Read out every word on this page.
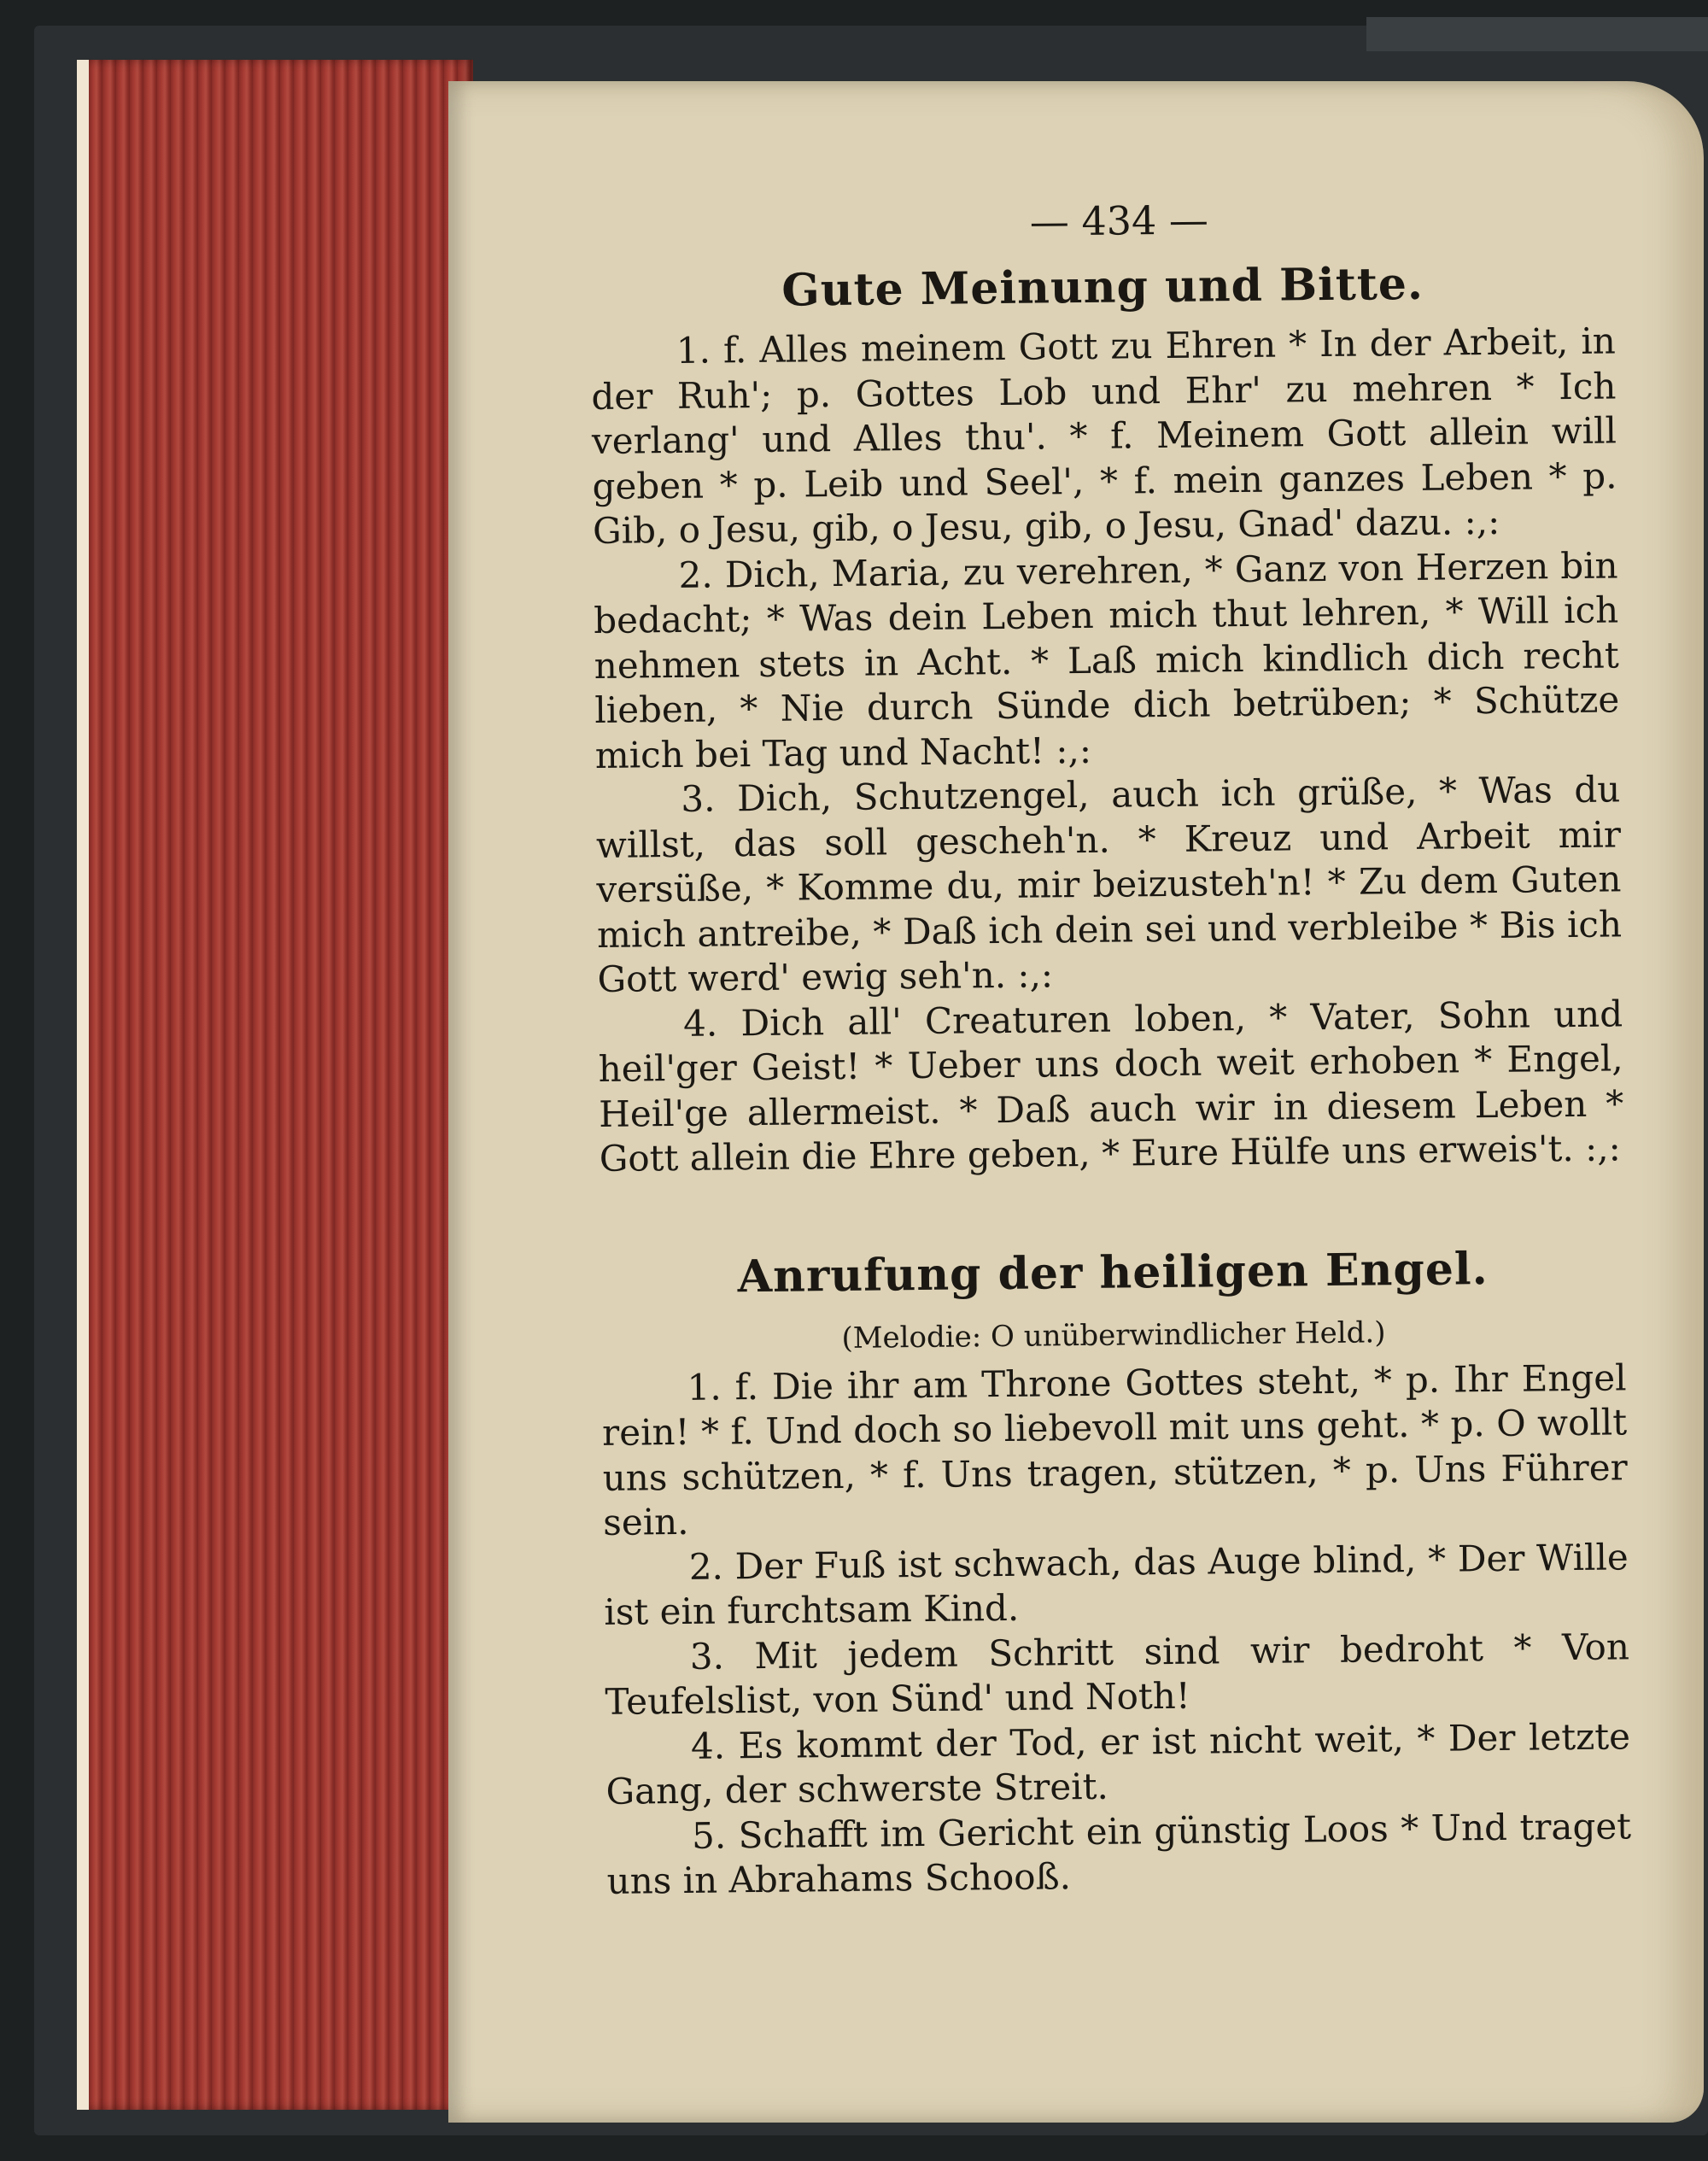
— 434 —
Gute Meinung und Bitte.

1. f. Alles meinem Gott zu Ehren * In der Arbeit, in der Ruh'; p. Gottes Lob und Ehr' zu mehren * Ich verlang' und Alles thu'. * f. Meinem Gott allein will geben * p. Leib und Seel', * f. mein ganzes Leben * p. Gib, o Jesu, gib, o Jesu, gib, o Jesu, Gnad' dazu. :,:

2. Dich, Maria, zu verehren, * Ganz von Herzen bin bedacht; * Was dein Leben mich thut lehren, * Will ich nehmen stets in Acht. * Laß mich kindlich dich recht lieben, * Nie durch Sünde dich betrüben; * Schütze mich bei Tag und Nacht! :,:

3. Dich, Schutzengel, auch ich grüße, * Was du willst, das soll gescheh'n. * Kreuz und Arbeit mir versüße, * Komme du, mir beizusteh'n! * Zu dem Guten mich antreibe, * Daß ich dein sei und verbleibe * Bis ich Gott werd' ewig seh'n. :,:

4. Dich all' Creaturen loben, * Vater, Sohn und heil'ger Geist! * Ueber uns doch weit erhoben * Engel, Heil'ge allermeist. * Daß auch wir in diesem Leben * Gott allein die Ehre geben, * Eure Hülfe uns erweis't. :,:

Anrufung der heiligen Engel.
(Melodie: O unüberwindlicher Held.)

1. f. Die ihr am Throne Gottes steht, * p. Ihr Engel rein! * f. Und doch so liebevoll mit uns geht. * p. O wollt uns schützen, * f. Uns tragen, stützen, * p. Uns Führer sein.

2. Der Fuß ist schwach, das Auge blind, * Der Wille ist ein furchtsam Kind.

3. Mit jedem Schritt sind wir bedroht * Von Teufelslist, von Sünd' und Noth!

4. Es kommt der Tod, er ist nicht weit, * Der letzte Gang, der schwerste Streit.

5. Schafft im Gericht ein günstig Loos * Und traget uns in Abrahams Schooß.
